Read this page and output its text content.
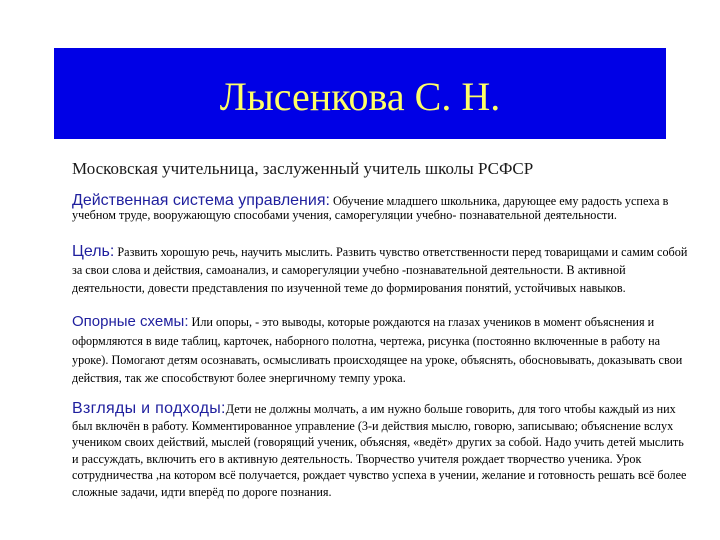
Лысенкова С. Н.
Московская учительница, заслуженный учитель школы РСФСР
Действенная система управления: Обучение младшего школьника, дарующее ему радость успеха в учебном труде, вооружающую способами учения, саморегуляции учебно- познавательной деятельности.
Цель: Развить хорошую речь, научить мыслить. Развить чувство ответственности перед товарищами и самим собой за свои слова и действия, самоанализ, и саморегуляции учебно -познавательной деятельности. В активной деятельности, довести представления по изученной теме до формирования понятий, устойчивых навыков.
Опорные схемы: Или опоры, - это выводы, которые рождаются на глазах учеников в момент объяснения и оформляются в виде таблиц, карточек, наборного полотна, чертежа, рисунка (постоянно включенные в работу на уроке). Помогают детям осознавать, осмысливать происходящее на уроке, объяснять, обосновывать, доказывать свои действия, так же способствуют более энергичному темпу урока.
Взгляды и подходы:Дети не должны молчать, а им нужно больше говорить, для того чтобы каждый из них был включён в работу. Комментированное управление (3-и действия мыслю, говорю, записываю; объяснение вслух учеником своих действий, мыслей (говорящий ученик, объясняя, «ведёт» других за собой. Надо учить детей мыслить и рассуждать, включить его в активную деятельность. Творчество учителя рождает творчество ученика. Урок сотрудничества ,на котором всё получается, рождает чувство успеха в учении, желание и готовность решать всё более сложные задачи, идти вперёд по дороге познания.
